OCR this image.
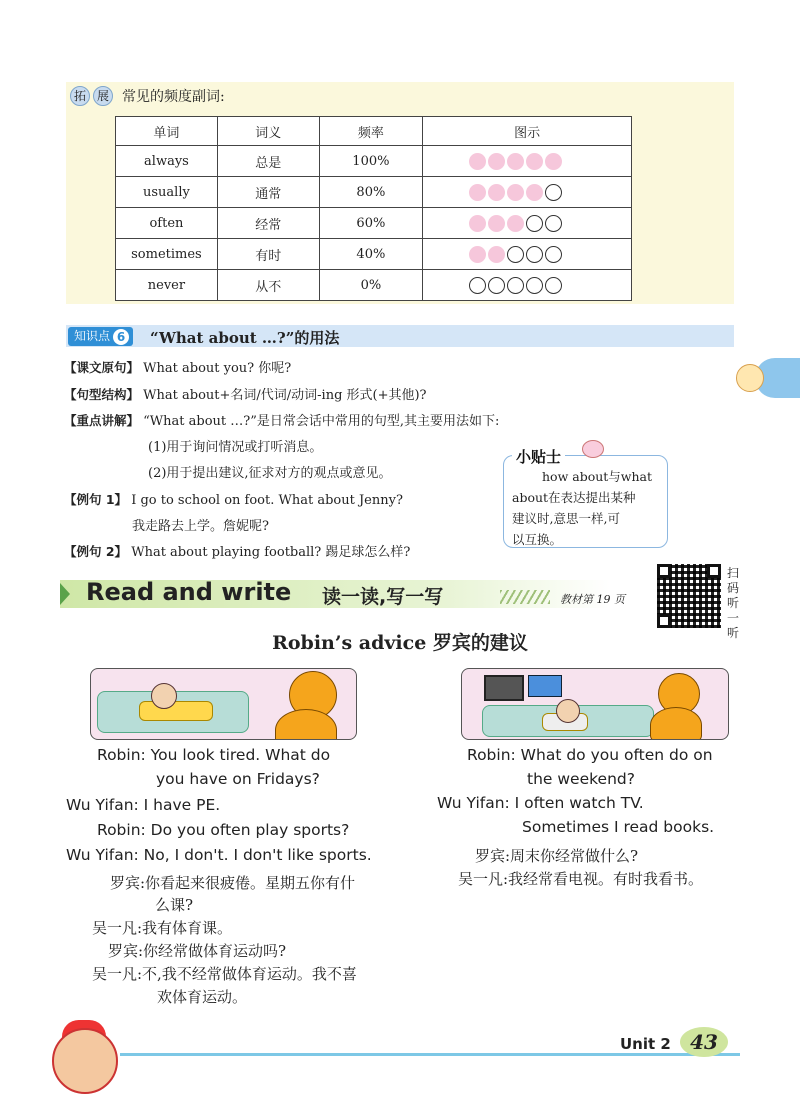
拓 展 常见的频度副词:
单词	词义	频率	图示
always	总是	100%	

usually	通常	80%	

often	经常	60%	

sometimes	有时	40%	

never	从不	0%	
知识点 6 “What about …?”的用法
【课文原句】 What about you? 你呢?
【句型结构】 What about+名词/代词/动词-ing 形式(+其他)?
【重点讲解】 “What about …?”是日常会话中常用的句型,其主要用法如下:
(1)用于询问情况或打听消息。
(2)用于提出建议,征求对方的观点或意见。
【例句 1】 I go to school on foot. What about Jenny?
我走路去上学。詹妮呢?
【例句 2】 What about playing football? 踢足球怎么样?
how about与what
about在表达提出某种
建议时,意思一样,可
以互换。
小贴士
Read and write 读一读,写一写	教材第 19 页
扫
码
听
一
听
Robin’s advice 罗宾的建议
Robin: You look tired. What do
you have on Fridays?
Wu Yifan: I have PE.
Robin: Do you often play sports?
Wu Yifan: No, I don't. I don't like sports.
罗宾:你看起来很疲倦。星期五你有什
么课?
吴一凡:我有体育课。
罗宾:你经常做体育运动吗?
吴一凡:不,我不经常做体育运动。我不喜
欢体育运动。
Robin: What do you often do on
the weekend?
Wu Yifan: I often watch TV.
Sometimes I read books.
罗宾:周末你经常做什么?
吴一凡:我经常看电视。有时我看书。
Unit 2 43
